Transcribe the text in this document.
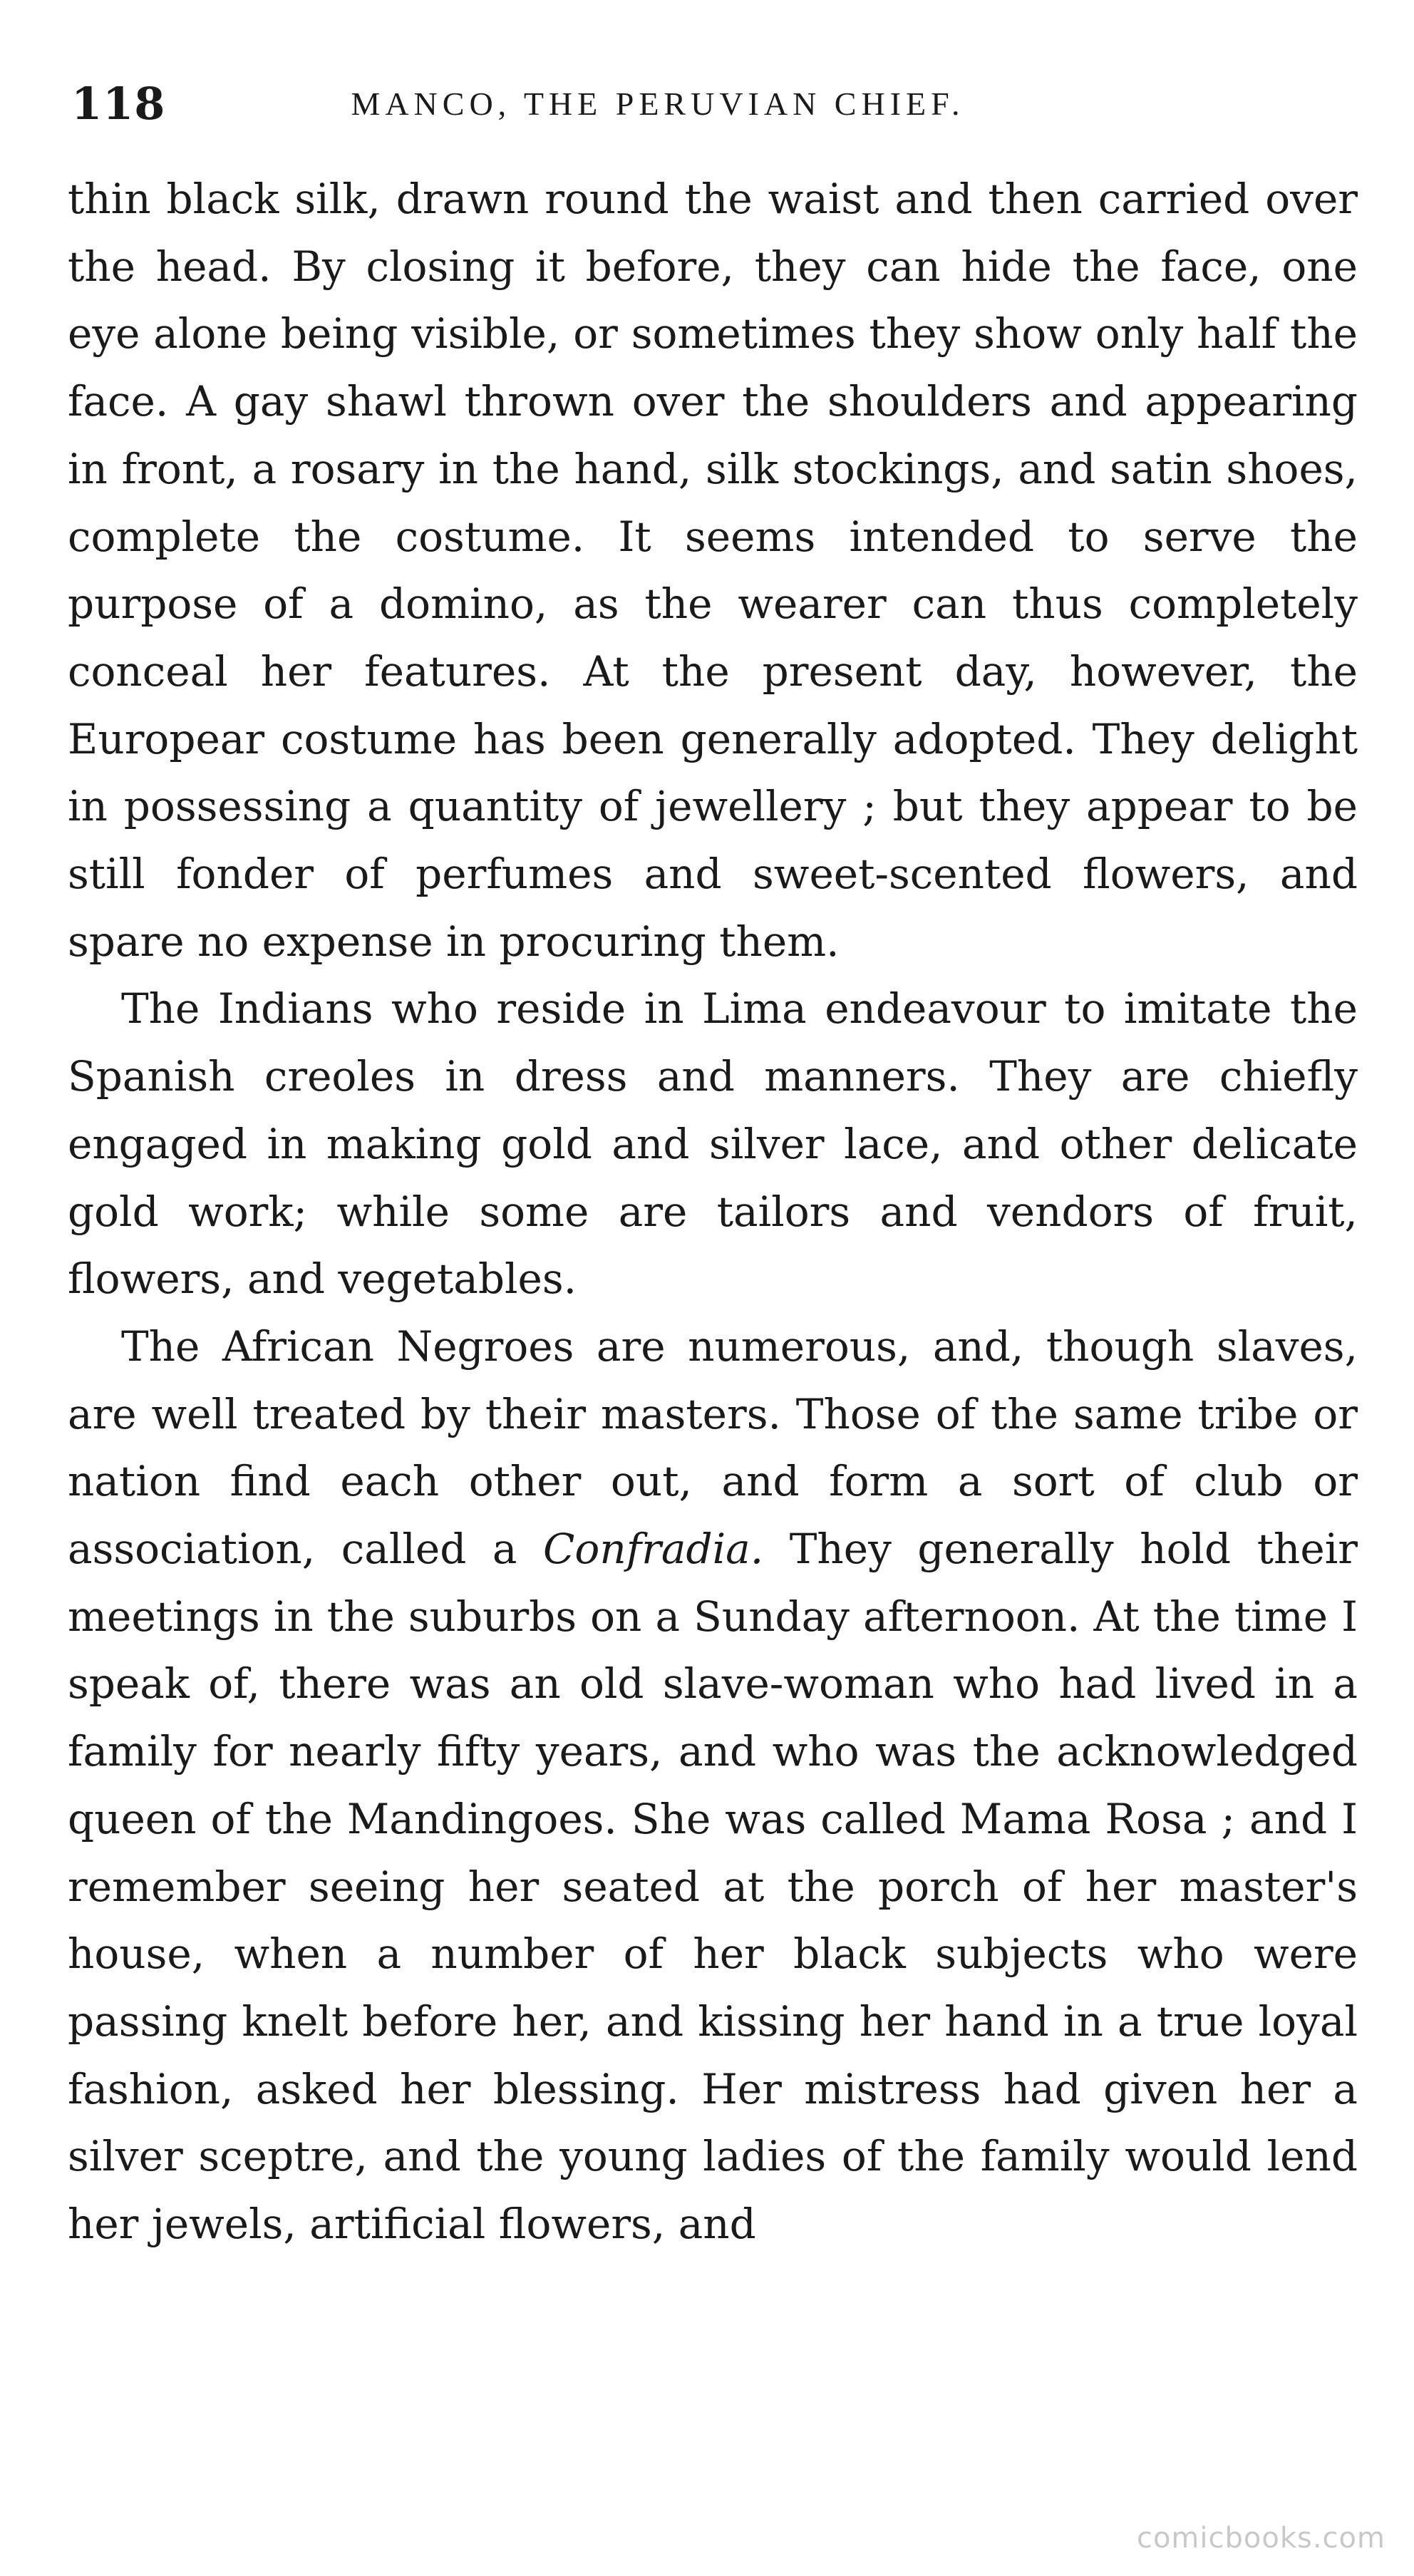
118	MANCO, THE PERUVIAN CHIEF.

thin black silk, drawn round the waist and then carried over the head. By closing it before, they can hide the face, one eye alone being visible, or sometimes they show only half the face. A gay shawl thrown over the shoulders and appearing in front, a rosary in the hand, silk stockings, and satin shoes, complete the costume. It seems intended to serve the purpose of a domino, as the wearer can thus completely conceal her features. At the present day, however, the Europear costume has been generally adopted. They delight in possessing a quantity of jewellery ; but they appear to be still fonder of perfumes and sweet-scented flowers, and spare no expense in procuring them.

The Indians who reside in Lima endeavour to imitate the Spanish creoles in dress and manners. They are chiefly engaged in making gold and silver lace, and other delicate gold work; while some are tailors and vendors of fruit, flowers, and vegetables.

The African Negroes are numerous, and, though slaves, are well treated by their masters. Those of the same tribe or nation find each other out, and form a sort of club or association, called a Confradia. They generally hold their meetings in the suburbs on a Sunday afternoon. At the time I speak of, there was an old slave-woman who had lived in a family for nearly fifty years, and who was the acknowledged queen of the Mandingoes. She was called Mama Rosa ; and I remember seeing her seated at the porch of her master's house, when a number of her black subjects who were passing knelt before her, and kissing her hand in a true loyal fashion, asked her blessing. Her mistress had given her a silver sceptre, and the young ladies of the family would lend her jewels, artificial flowers, and

comicbooks.com
